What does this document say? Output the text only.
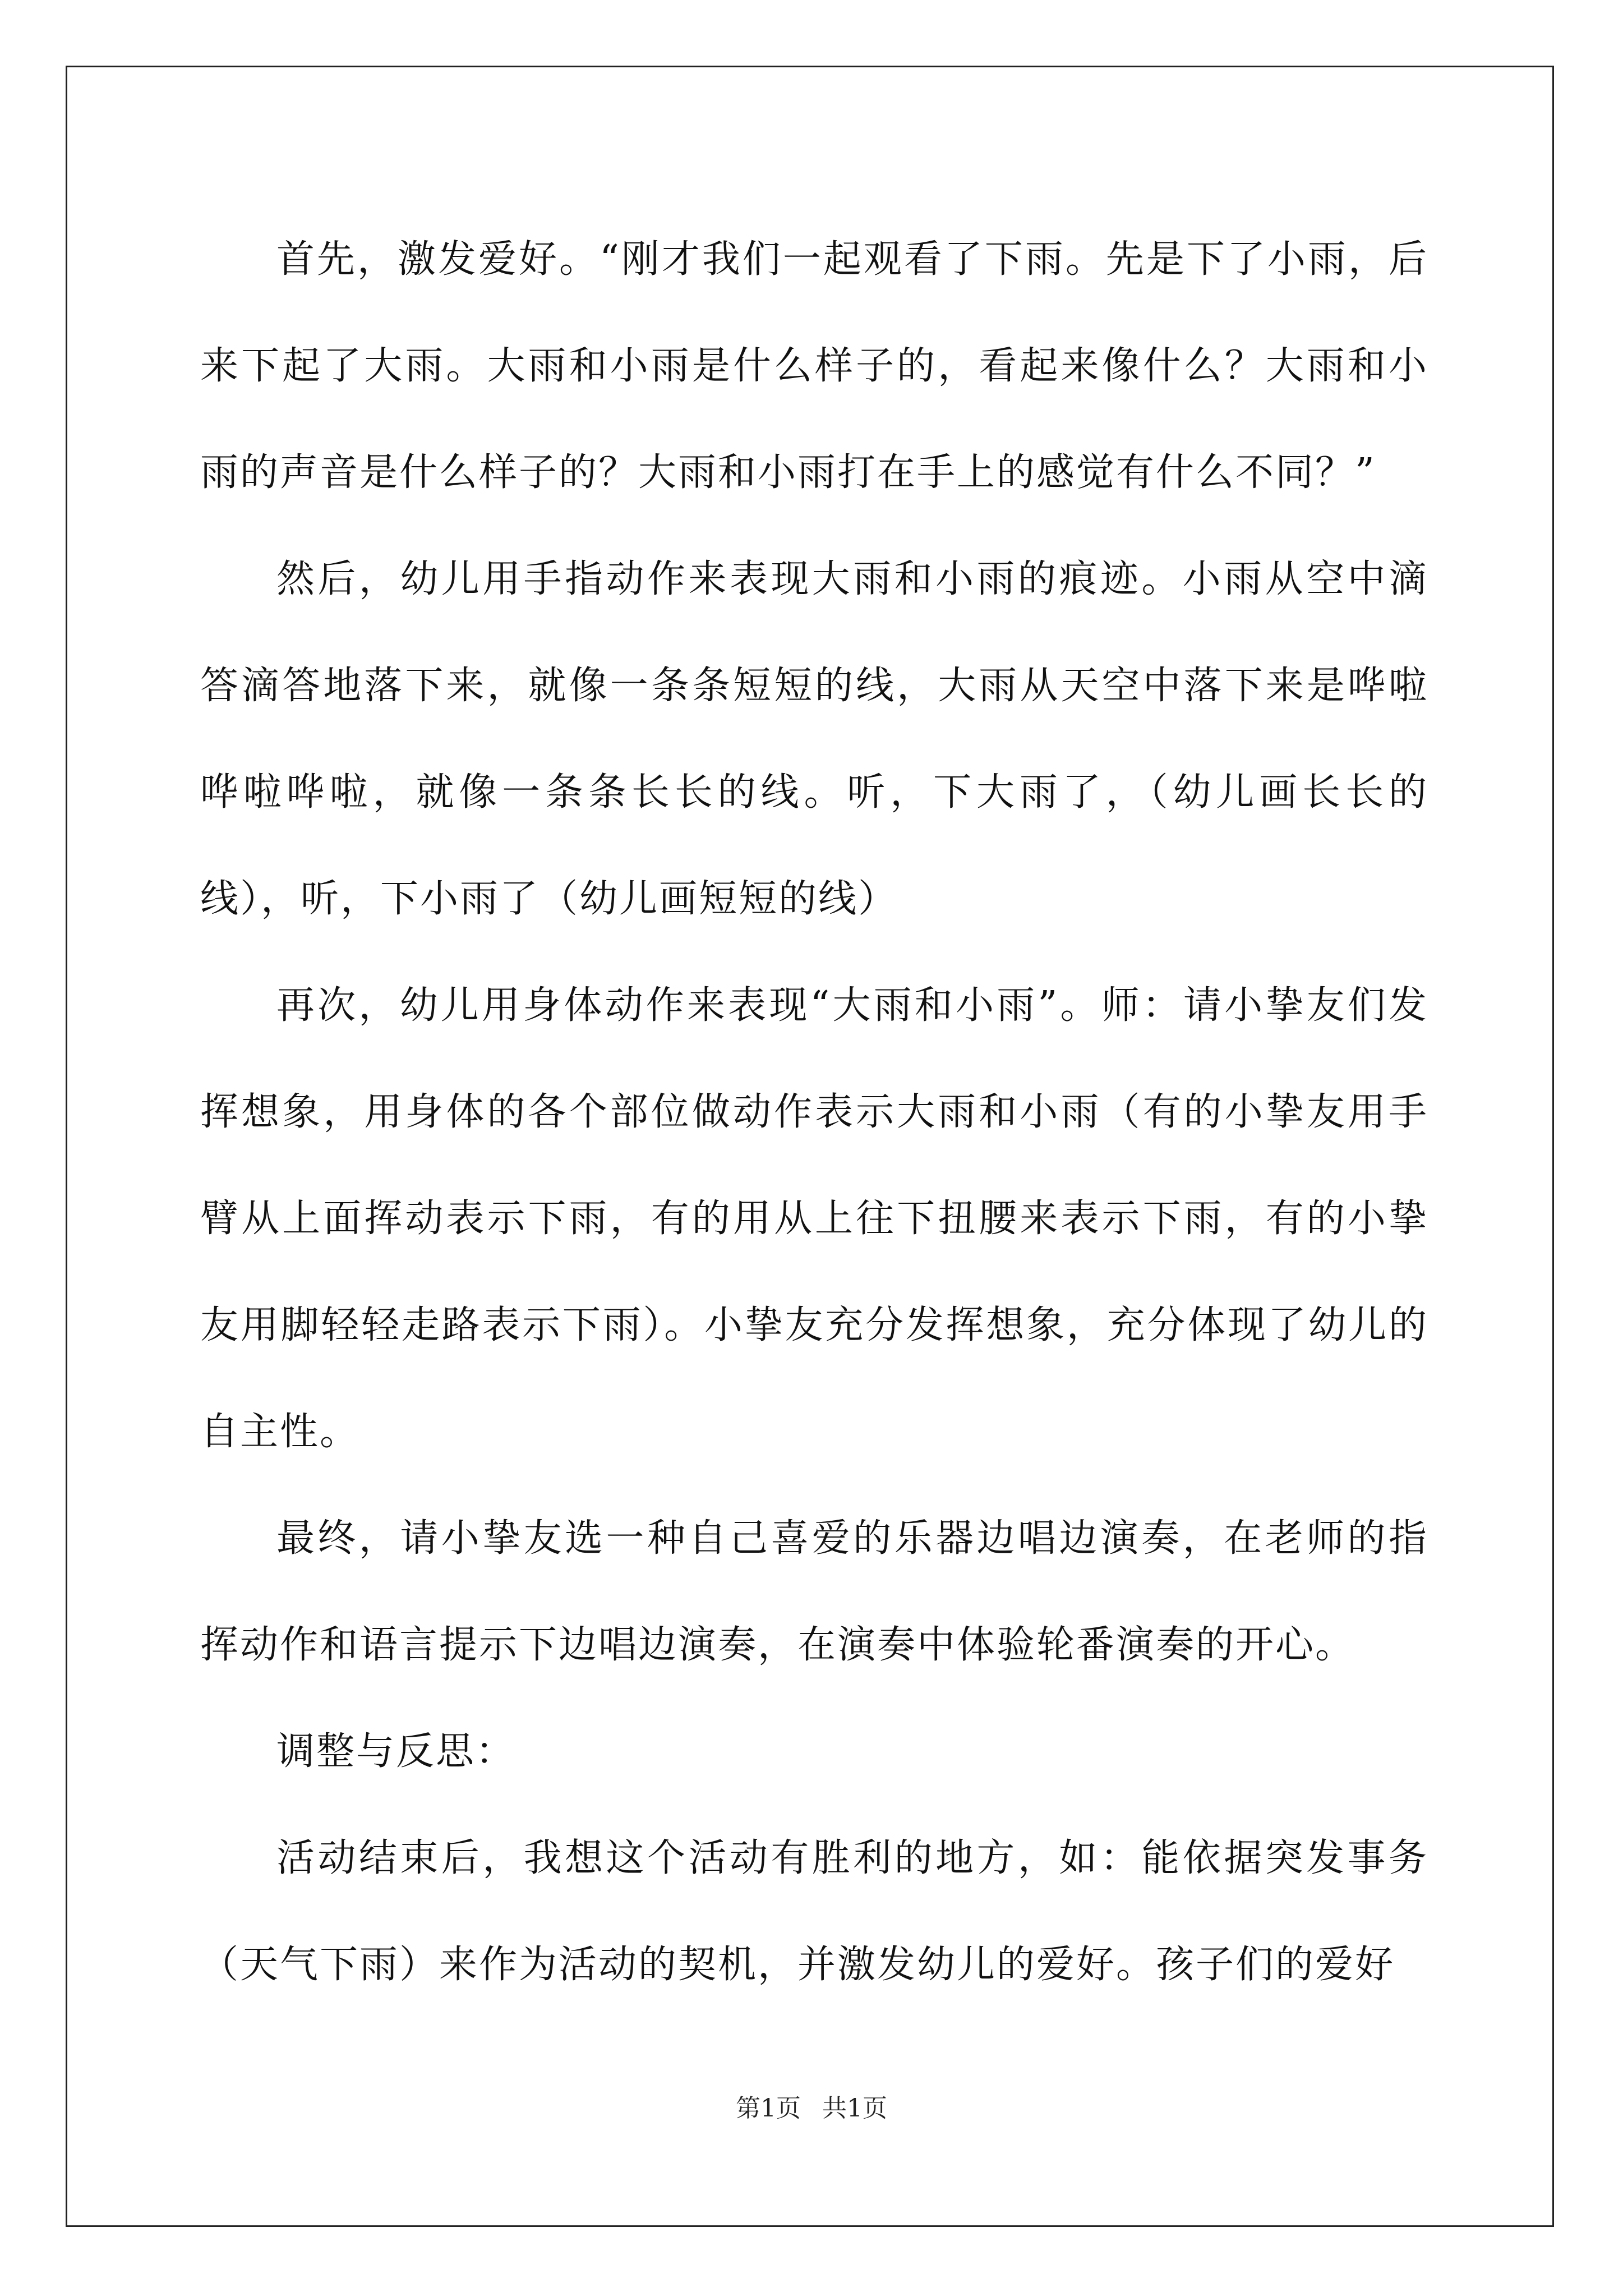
首先，激发爱好。“刚才我们一起观看了下雨。先是下了小雨，后来下起了大雨。大雨和小雨是什么样子的，看起来像什么？大雨和小雨的声音是什么样子的？大雨和小雨打在手上的感觉有什么不同？”

然后，幼儿用手指动作来表现大雨和小雨的痕迹。小雨从空中滴答滴答地落下来，就像一条条短短的线，大雨从天空中落下来是哗啦哗啦哗啦，就像一条条长长的线。听，下大雨了，（幼儿画长长的线），听，下小雨了（幼儿画短短的线）

再次，幼儿用身体动作来表现“大雨和小雨”。师：请小挚友们发挥想象，用身体的各个部位做动作表示大雨和小雨（有的小挚友用手臂从上面挥动表示下雨，有的用从上往下扭腰来表示下雨，有的小挚友用脚轻轻走路表示下雨）。小挚友充分发挥想象，充分体现了幼儿的自主性。

最终，请小挚友选一种自己喜爱的乐器边唱边演奏，在老师的指挥动作和语言提示下边唱边演奏，在演奏中体验轮番演奏的开心。

调整与反思：

活动结束后，我想这个活动有胜利的地方，如：能依据突发事务（天气下雨）来作为活动的契机，并激发幼儿的爱好。孩子们的爱好

第1页 共1页
